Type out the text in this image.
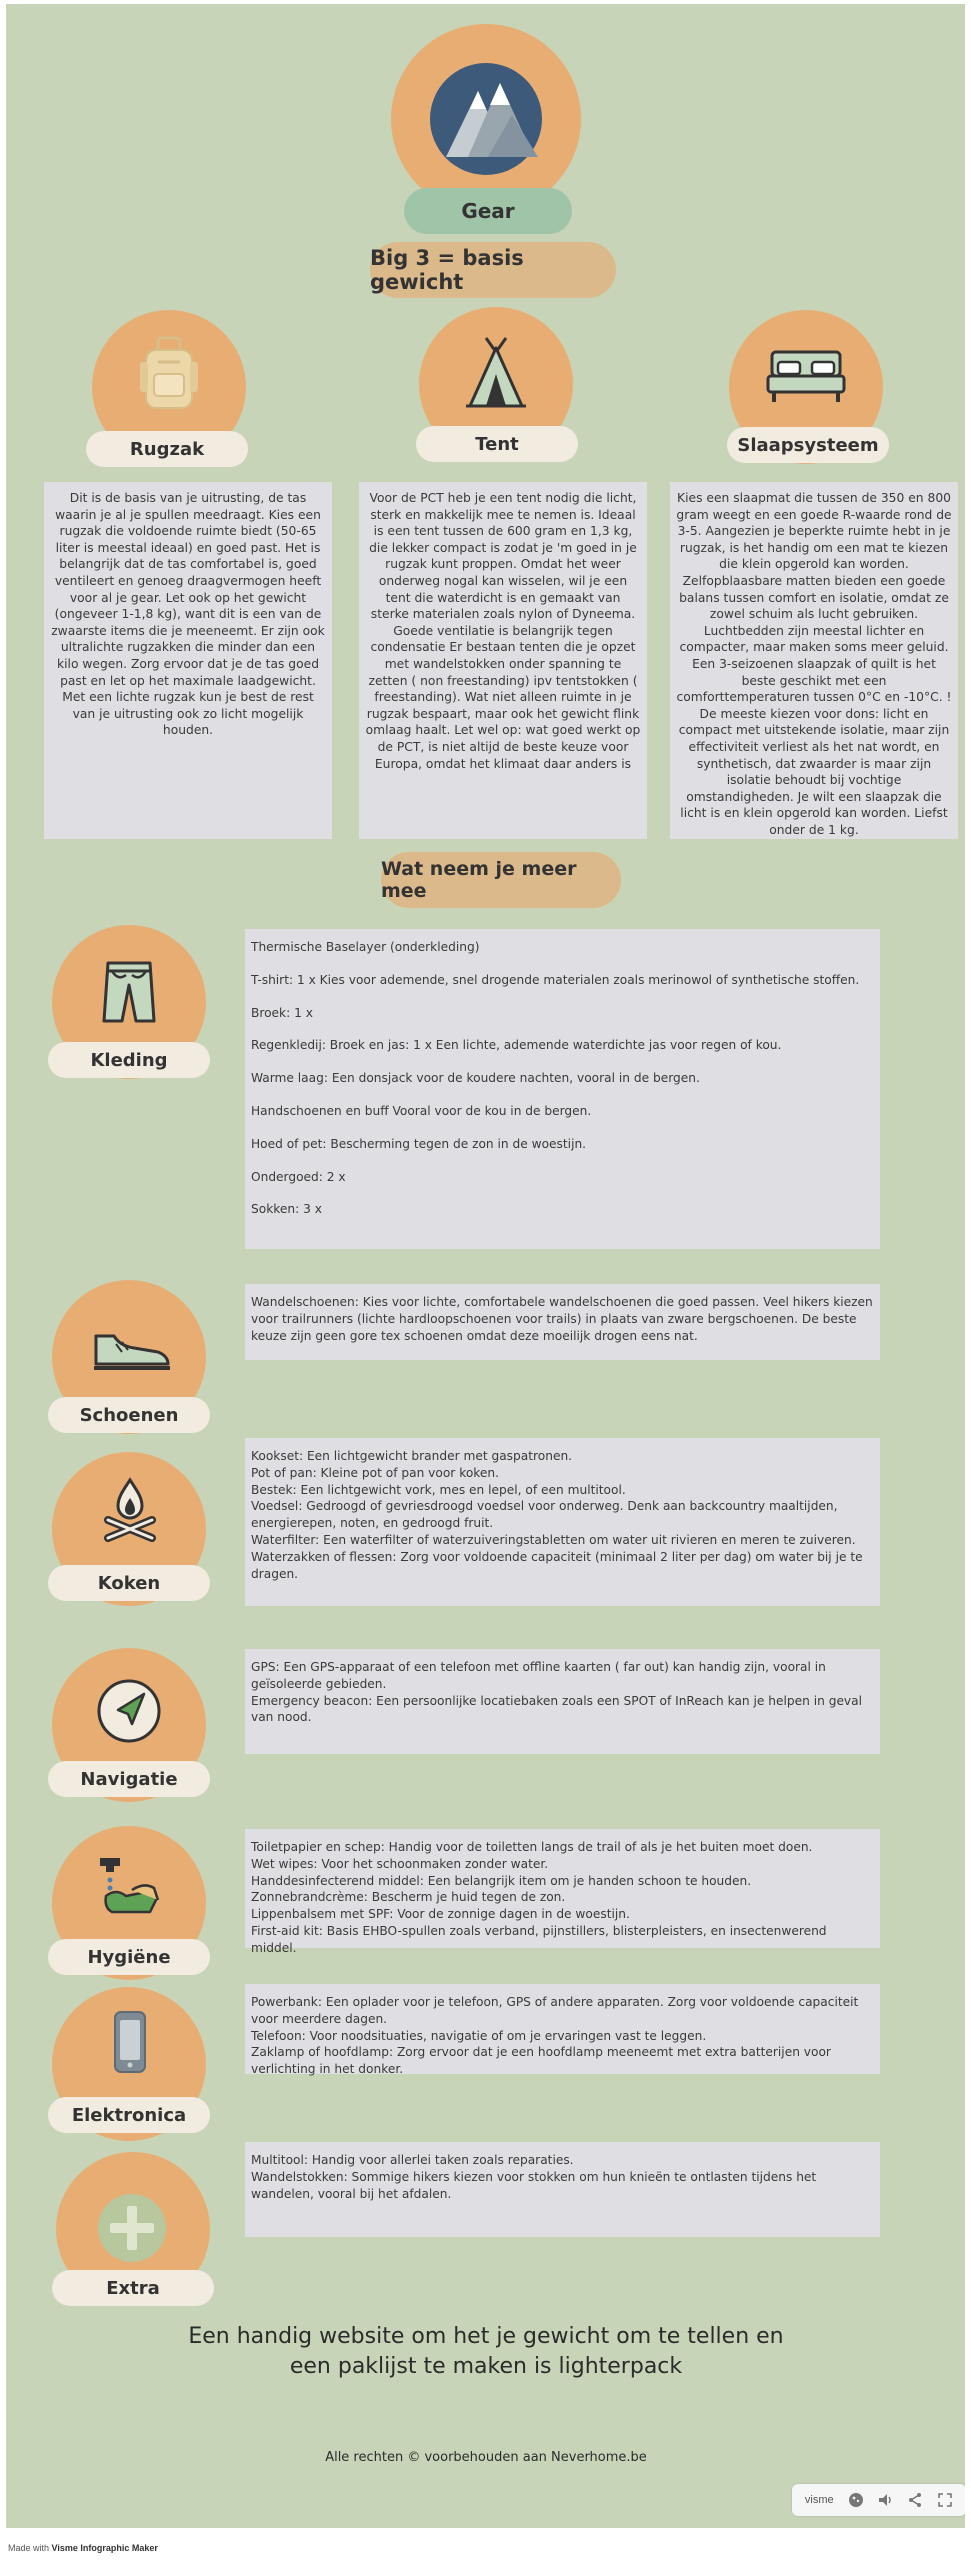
Gear
Big 3 = basis gewicht
Rugzak	Tent	Slaapsysteem
Dit is de basis van je uitrusting, de tas waarin je al je spullen meedraagt. Kies een rugzak die voldoende ruimte biedt (50-65 liter is meestal ideaal) en goed past. Het is belangrijk dat de tas comfortabel is, goed ventileert en genoeg draagvermogen heeft voor al je gear. Let ook op het gewicht (ongeveer 1-1,8 kg), want dit is een van de zwaarste items die je meeneemt. Er zijn ook ultralichte rugzakken die minder dan een kilo wegen. Zorg ervoor dat je de tas goed past en let op het maximale laadgewicht. Met een lichte rugzak kun je best de rest van je uitrusting ook zo licht mogelijk houden.
Voor de PCT heb je een tent nodig die licht, sterk en makkelijk mee te nemen is. Ideaal is een tent tussen de 600 gram en 1,3 kg, die lekker compact is zodat je 'm goed in je rugzak kunt proppen. Omdat het weer onderweg nogal kan wisselen, wil je een tent die waterdicht is en gemaakt van sterke materialen zoals nylon of Dyneema. Goede ventilatie is belangrijk tegen condensatie Er bestaan tenten die je opzet met wandelstokken onder spanning te zetten ( non freestanding) ipv tentstokken ( freestanding). Wat niet alleen ruimte in je rugzak bespaart, maar ook het gewicht flink omlaag haalt. Let wel op: wat goed werkt op de PCT, is niet altijd de beste keuze voor Europa, omdat het klimaat daar anders is
Kies een slaapmat die tussen de 350 en 800 gram weegt en een goede R-waarde rond de 3-5. Aangezien je beperkte ruimte hebt in je rugzak, is het handig om een mat te kiezen die klein opgerold kan worden. Zelfopblaasbare matten bieden een goede balans tussen comfort en isolatie, omdat ze zowel schuim als lucht gebruiken. Luchtbedden zijn meestal lichter en compacter, maar maken soms meer geluid. Een 3-seizoenen slaapzak of quilt is het beste geschikt met een comforttemperaturen tussen 0°C en -10°C. ! De meeste kiezen voor dons: licht en compact met uitstekende isolatie, maar zijn effectiviteit verliest als het nat wordt, en synthetisch, dat zwaarder is maar zijn isolatie behoudt bij vochtige omstandigheden. Je wilt een slaapzak die licht is en klein opgerold kan worden. Liefst onder de 1 kg.
Wat neem je meer mee
Kleding

Thermische Baselayer (onderkleding)

T-shirt: 1 x Kies voor ademende, snel drogende materialen zoals merinowol of synthetische stoffen.

Broek: 1 x

Regenkledij: Broek en jas: 1 x Een lichte, ademende waterdichte jas voor regen of kou.

Warme laag: Een donsjack voor de koudere nachten, vooral in de bergen.

Handschoenen en buff Vooral voor de kou in de bergen.

Hoed of pet: Bescherming tegen de zon in de woestijn.

Ondergoed: 2 x

Sokken: 3 x

Schoenen

Wandelschoenen: Kies voor lichte, comfortabele wandelschoenen die goed passen. Veel hikers kiezen voor trailrunners (lichte hardloopschoenen voor trails) in plaats van zware bergschoenen. De beste keuze zijn geen gore tex schoenen omdat deze moeilijk drogen eens nat.

Koken

Kookset: Een lichtgewicht brander met gaspatronen.

Pot of pan: Kleine pot of pan voor koken.

Bestek: Een lichtgewicht vork, mes en lepel, of een multitool.

Voedsel: Gedroogd of gevriesdroogd voedsel voor onderweg. Denk aan backcountry maaltijden, energierepen, noten, en gedroogd fruit.

Waterfilter: Een waterfilter of waterzuiveringstabletten om water uit rivieren en meren te zuiveren.

Waterzakken of flessen: Zorg voor voldoende capaciteit (minimaal 2 liter per dag) om water bij je te dragen.

Navigatie

GPS: Een GPS-apparaat of een telefoon met offline kaarten ( far out) kan handig zijn, vooral in geïsoleerde gebieden.

Emergency beacon: Een persoonlijke locatiebaken zoals een SPOT of InReach kan je helpen in geval van nood.

Hygiëne

Toiletpapier en schep: Handig voor de toiletten langs de trail of als je het buiten moet doen.

Wet wipes: Voor het schoonmaken zonder water.

Handdesinfecterend middel: Een belangrijk item om je handen schoon te houden.

Zonnebrandcrème: Bescherm je huid tegen de zon.

Lippenbalsem met SPF: Voor de zonnige dagen in de woestijn.

First-aid kit: Basis EHBO-spullen zoals verband, pijnstillers, blisterpleisters, en insectenwerend middel.

Elektronica

Powerbank: Een oplader voor je telefoon, GPS of andere apparaten. Zorg voor voldoende capaciteit voor meerdere dagen.

Telefoon: Voor noodsituaties, navigatie of om je ervaringen vast te leggen.

Zaklamp of hoofdlamp: Zorg ervoor dat je een hoofdlamp meeneemt met extra batterijen voor verlichting in het donker.

Extra

Multitool: Handig voor allerlei taken zoals reparaties.

Wandelstokken: Sommige hikers kiezen voor stokken om hun knieën te ontlasten tijdens het wandelen, vooral bij het afdalen.

Een handig website om het je gewicht om te tellen en een paklijst te maken is lighterpack
Alle rechten © voorbehouden aan Neverhome.be
visme
Made with Visme Infographic Maker
